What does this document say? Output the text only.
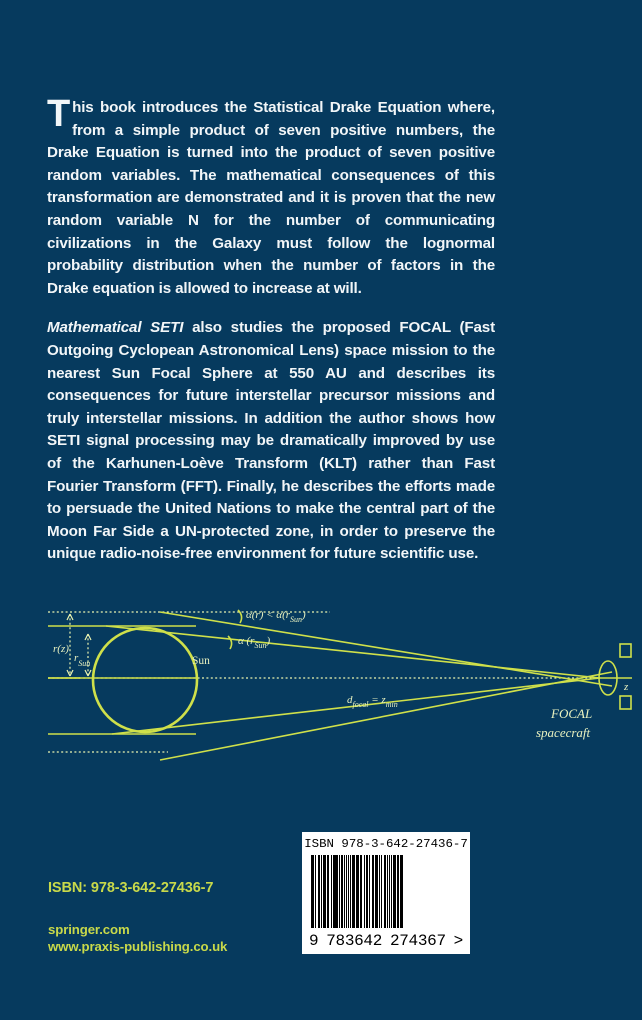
This book introduces the Statistical Drake Equation where, from a simple product of seven positive numbers, the Drake Equation is turned into the product of seven positive random variables. The mathematical consequences of this transformation are demonstrated and it is proven that the new random variable N for the number of communicating civilizations in the Galaxy must follow the lognormal probability distribution when the number of factors in the Drake equation is allowed to increase at will.

Mathematical SETI also studies the proposed FOCAL (Fast Outgoing Cyclopean Astronomical Lens) space mission to the nearest Sun Focal Sphere at 550 AU and describes its consequences for future interstellar precursor missions and truly interstellar missions. In addition the author shows how SETI signal processing may be dramatically improved by use of the Karhunen-Loève Transform (KLT) rather than Fast Fourier Transform (FFT). Finally, he describes the efforts made to persuade the United Nations to make the central part of the Moon Far Side a UN-protected zone, in order to preserve the unique radio-noise-free environment for future scientific use.

z
r(z)
$r_{Sun}$
$\alpha(r) < \alpha(r_{Sun})$
α $(r_{Sun})$
Sun
$d_{focal} = z_{min}$
FOCAL
spacecraft
ISBN: 978-3-642-27436-7
springer.com
www.praxis-publishing.co.uk
ISBN 978-3-642-27436-7
9 783642 274367 >
